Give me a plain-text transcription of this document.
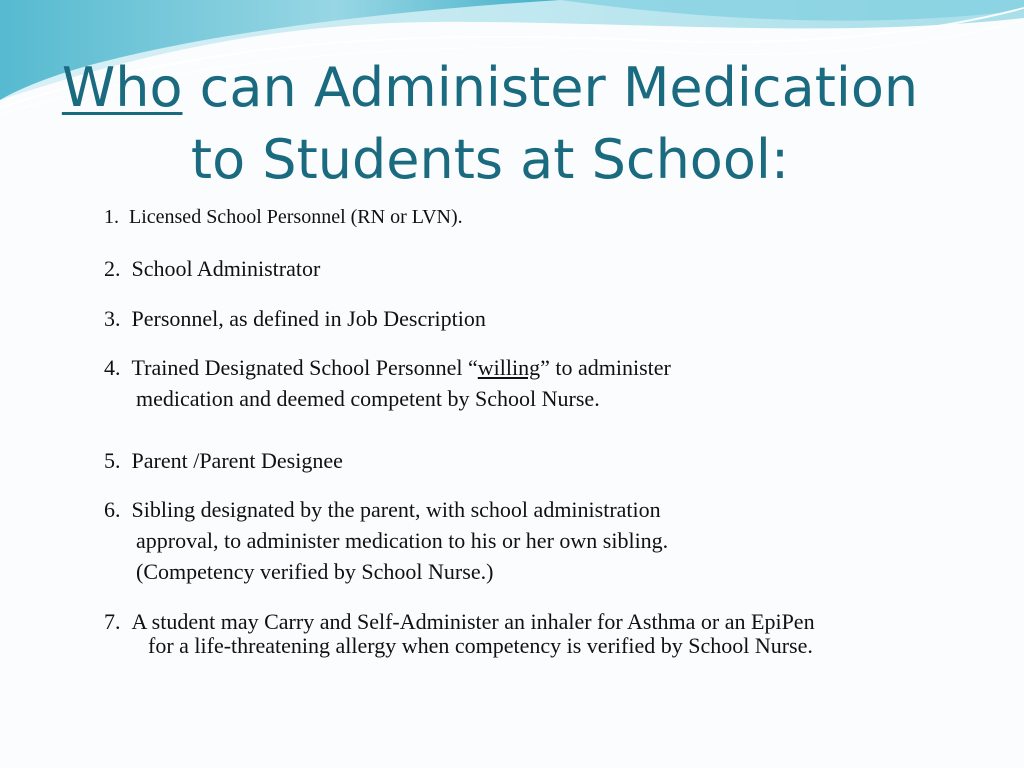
Who can Administer Medication
to Students at School:
1. Licensed School Personnel (RN or LVN).
2. School Administrator
3. Personnel, as defined in Job Description
4. Trained Designated School Personnel “willing” to administer
medication and deemed competent by School Nurse.
5. Parent /Parent Designee
6. Sibling designated by the parent, with school administration
approval, to administer medication to his or her own sibling.
(Competency verified by School Nurse.)
7. A student may Carry and Self-Administer an inhaler for Asthma or an EpiPen
for a life-threatening allergy when competency is verified by School Nurse.
